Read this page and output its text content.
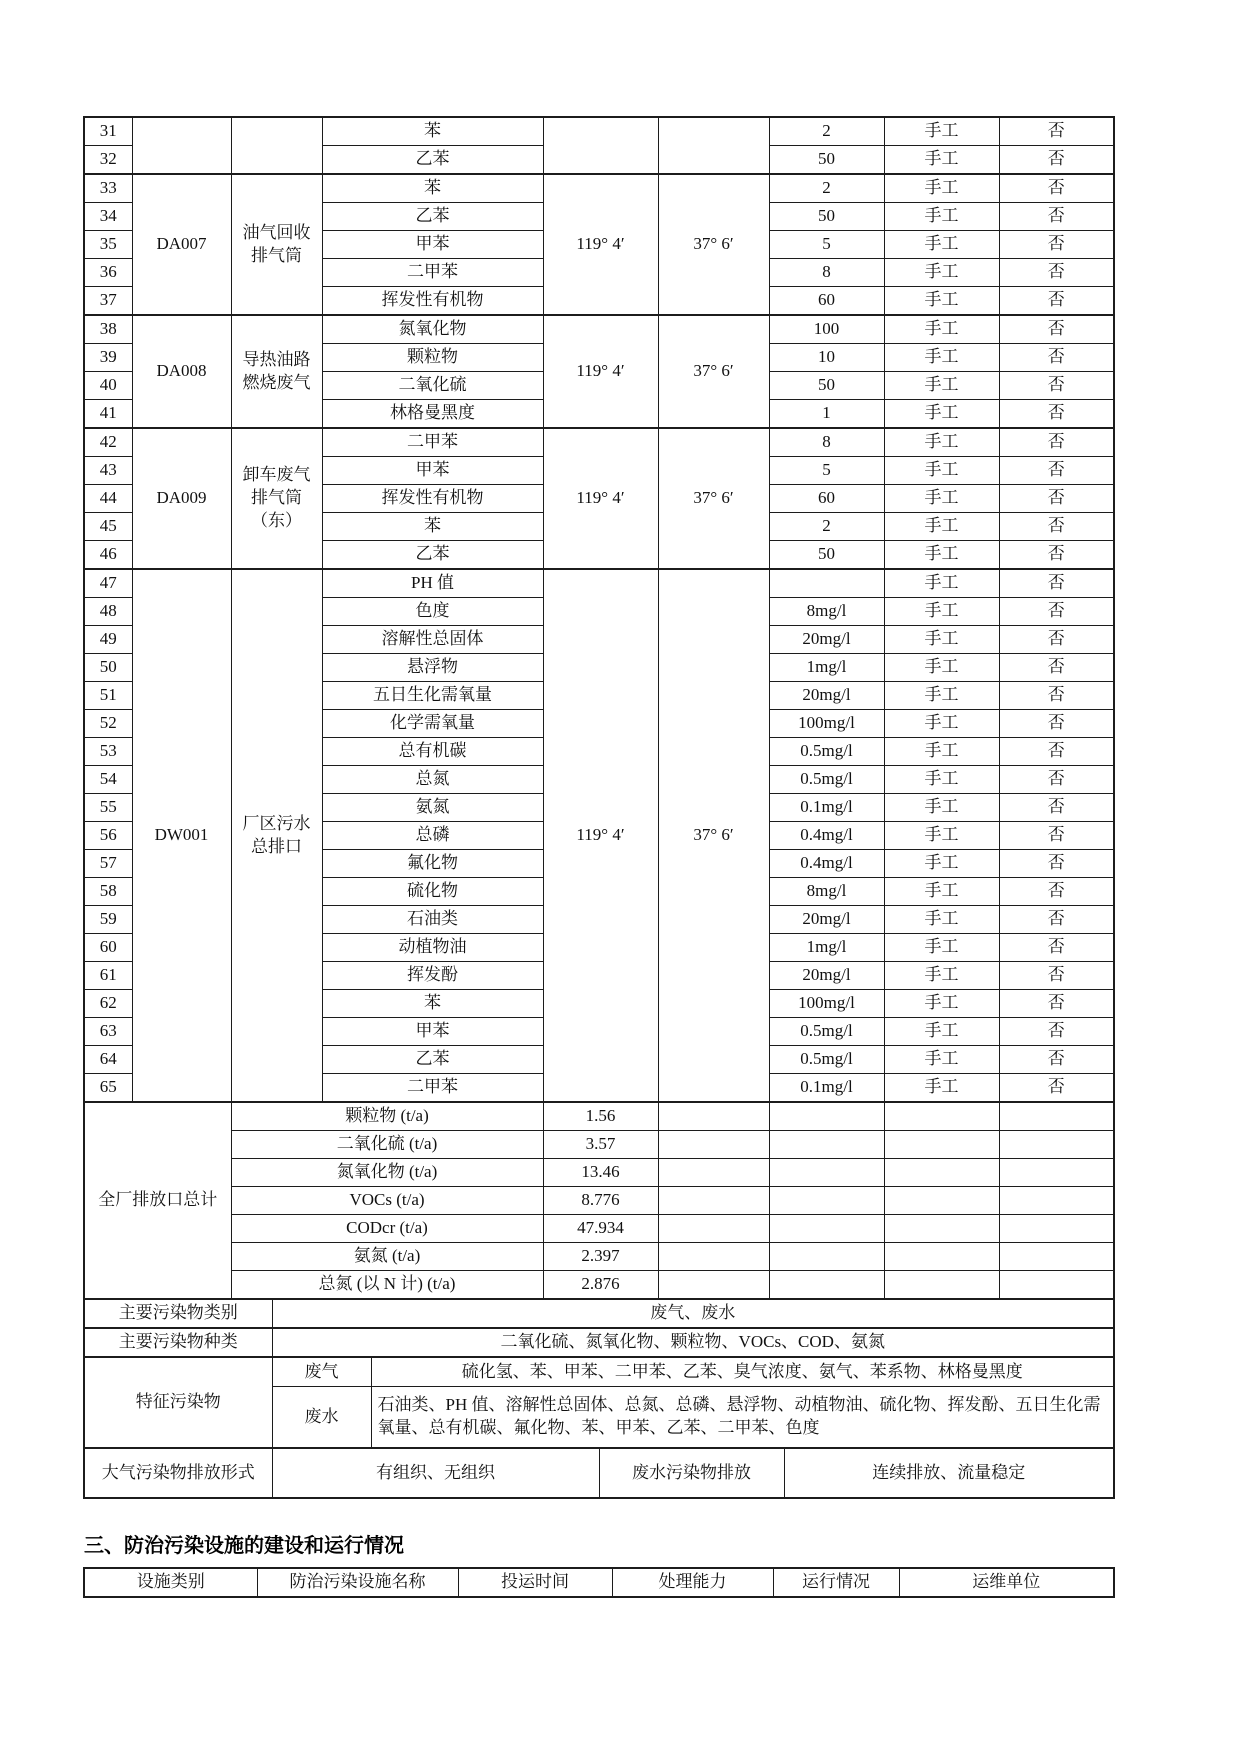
31			苯			2	手工	否
32			乙苯			50	手工	否
33	DA007	油气回收排气筒	苯	119° 4′	37° 6′	2	手工	否
34			乙苯			50	手工	否
35			甲苯			5	手工	否
36			二甲苯			8	手工	否
37			挥发性有机物			60	手工	否
38	DA008	导热油路燃烧废气	氮氧化物	119° 4′	37° 6′	100	手工	否
39			颗粒物			10	手工	否
40			二氧化硫			50	手工	否
41			林格曼黑度			1	手工	否
42	DA009	卸车废气排气筒（东）	二甲苯	119° 4′	37° 6′	8	手工	否
43			甲苯			5	手工	否
44			挥发性有机物			60	手工	否
45			苯			2	手工	否
46			乙苯			50	手工	否
47	DW001	厂区污水总排口	PH 值	119° 4′	37° 6′		手工	否
48			色度			8mg/l	手工	否
49			溶解性总固体			20mg/l	手工	否
50			悬浮物			1mg/l	手工	否
51			五日生化需氧量			20mg/l	手工	否
52			化学需氧量			100mg/l	手工	否
53			总有机碳			0.5mg/l	手工	否
54			总氮			0.5mg/l	手工	否
55			氨氮			0.1mg/l	手工	否
56			总磷			0.4mg/l	手工	否
57			氟化物			0.4mg/l	手工	否
58			硫化物			8mg/l	手工	否
59			石油类			20mg/l	手工	否
60			动植物油			1mg/l	手工	否
61			挥发酚			20mg/l	手工	否
62			苯			100mg/l	手工	否
63			甲苯			0.5mg/l	手工	否
64			乙苯			0.5mg/l	手工	否
65			二甲苯			0.1mg/l	手工	否
全厂排放口总计		颗粒物 (t/a)		1.56				
		二氧化硫 (t/a)		3.57				
		氮氧化物 (t/a)		13.46				
		VOCs (t/a)		8.776				
		CODcr (t/a)		47.934				
		氨氮 (t/a)		2.397				
		总氮 (以 N 计) (t/a)		2.876				
主要污染物类别	废气、废水			
主要污染物种类	二氧化硫、氮氧化物、颗粒物、VOCs、COD、氨氮			
特征污染物	废气	硫化氢、苯、甲苯、二甲苯、乙苯、臭气浓度、氨气、苯系物、林格曼黑度		
	废水	石油类、PH 值、溶解性总固体、总氮、总磷、悬浮物、动植物油、硫化物、挥发酚、五日生化需氧量、总有机碳、氟化物、苯、甲苯、乙苯、二甲苯、色度		
大气污染物排放形式	有组织、无组织		废水污染物排放	连续排放、流量稳定
三、防治污染设施的建设和运行情况
设施类别	防治污染设施名称	投运时间	处理能力	运行情况	运维单位
